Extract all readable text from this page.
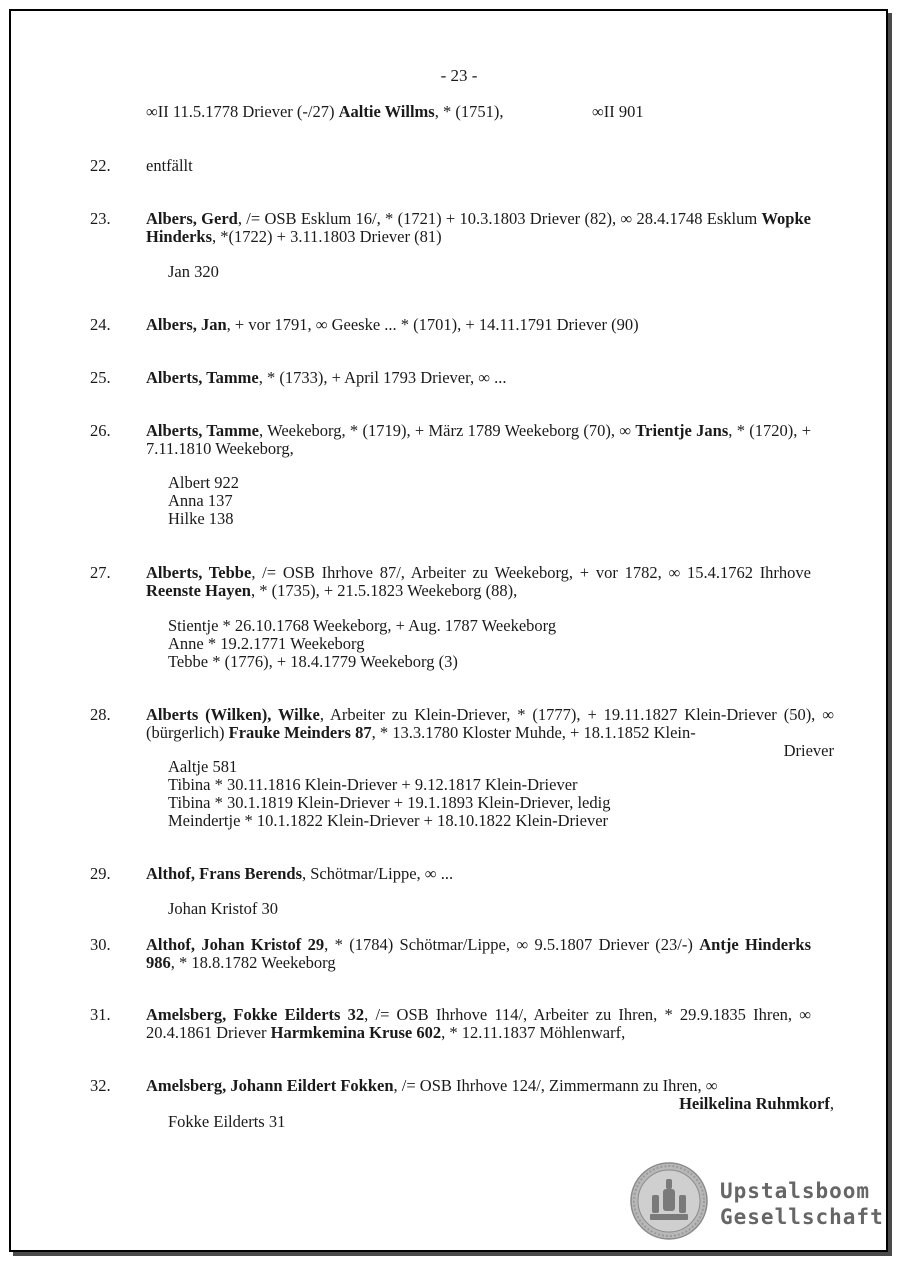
- 23 -
∞II 11.5.1778 Driever (-/27) Aaltie Willms, * (1751),	∞II 901
22. entfällt
23. Albers, Gerd, /= OSB Esklum 16/, * (1721) + 10.3.1803 Driever (82), ∞ 28.4.1748 Esklum Wopke Hinderks, *(1722) + 3.11.1803 Driever (81)
Jan 320
24. Albers, Jan, + vor 1791, ∞ Geeske ... * (1701), + 14.11.1791 Driever (90)
25. Alberts, Tamme, * (1733), + April 1793 Driever, ∞ ...
26. Alberts, Tamme, Weekeborg, * (1719), + März 1789 Weekeborg (70), ∞ Trientje Jans, * (1720), + 7.11.1810 Weekeborg,
Albert 922
Anna 137
Hilke 138
27. Alberts, Tebbe, /= OSB Ihrhove 87/, Arbeiter zu Weekeborg, + vor 1782, ∞ 15.4.1762 Ihrhove Reenste Hayen, * (1735), + 21.5.1823 Weekeborg (88),
Stientje * 26.10.1768 Weekeborg, + Aug. 1787 Weekeborg
Anne * 19.2.1771 Weekeborg
Tebbe * (1776), + 18.4.1779 Weekeborg (3)
28. Alberts (Wilken), Wilke, Arbeiter zu Klein-Driever, * (1777), + 19.11.1827 Klein-Driever (50), ∞ (bürgerlich) Frauke Meinders 87, * 13.3.1780 Kloster Muhde, + 18.1.1852 Klein-
Driever
Aaltje 581
Tibina * 30.11.1816 Klein-Driever + 9.12.1817 Klein-Driever
Tibina * 30.1.1819 Klein-Driever + 19.1.1893 Klein-Driever, ledig
Meindertje * 10.1.1822 Klein-Driever + 18.10.1822 Klein-Driever
29. Althof, Frans Berends, Schötmar/Lippe, ∞ ...
Johan Kristof 30
30. Althof, Johan Kristof 29, * (1784) Schötmar/Lippe, ∞ 9.5.1807 Driever (23/-) Antje Hinderks 986, * 18.8.1782 Weekeborg
31. Amelsberg, Fokke Eilderts 32, /= OSB Ihrhove 114/, Arbeiter zu Ihren, * 29.9.1835 Ihren, ∞ 20.4.1861 Driever Harmkemina Kruse 602, * 12.11.1837 Möhlenwarf,
32. Amelsberg, Johann Eildert Fokken, /= OSB Ihrhove 124/, Zimmermann zu Ihren, ∞
Heilkelina Ruhmkorf,
Fokke Eilderts 31
Upstalsboom
Gesellschaft
